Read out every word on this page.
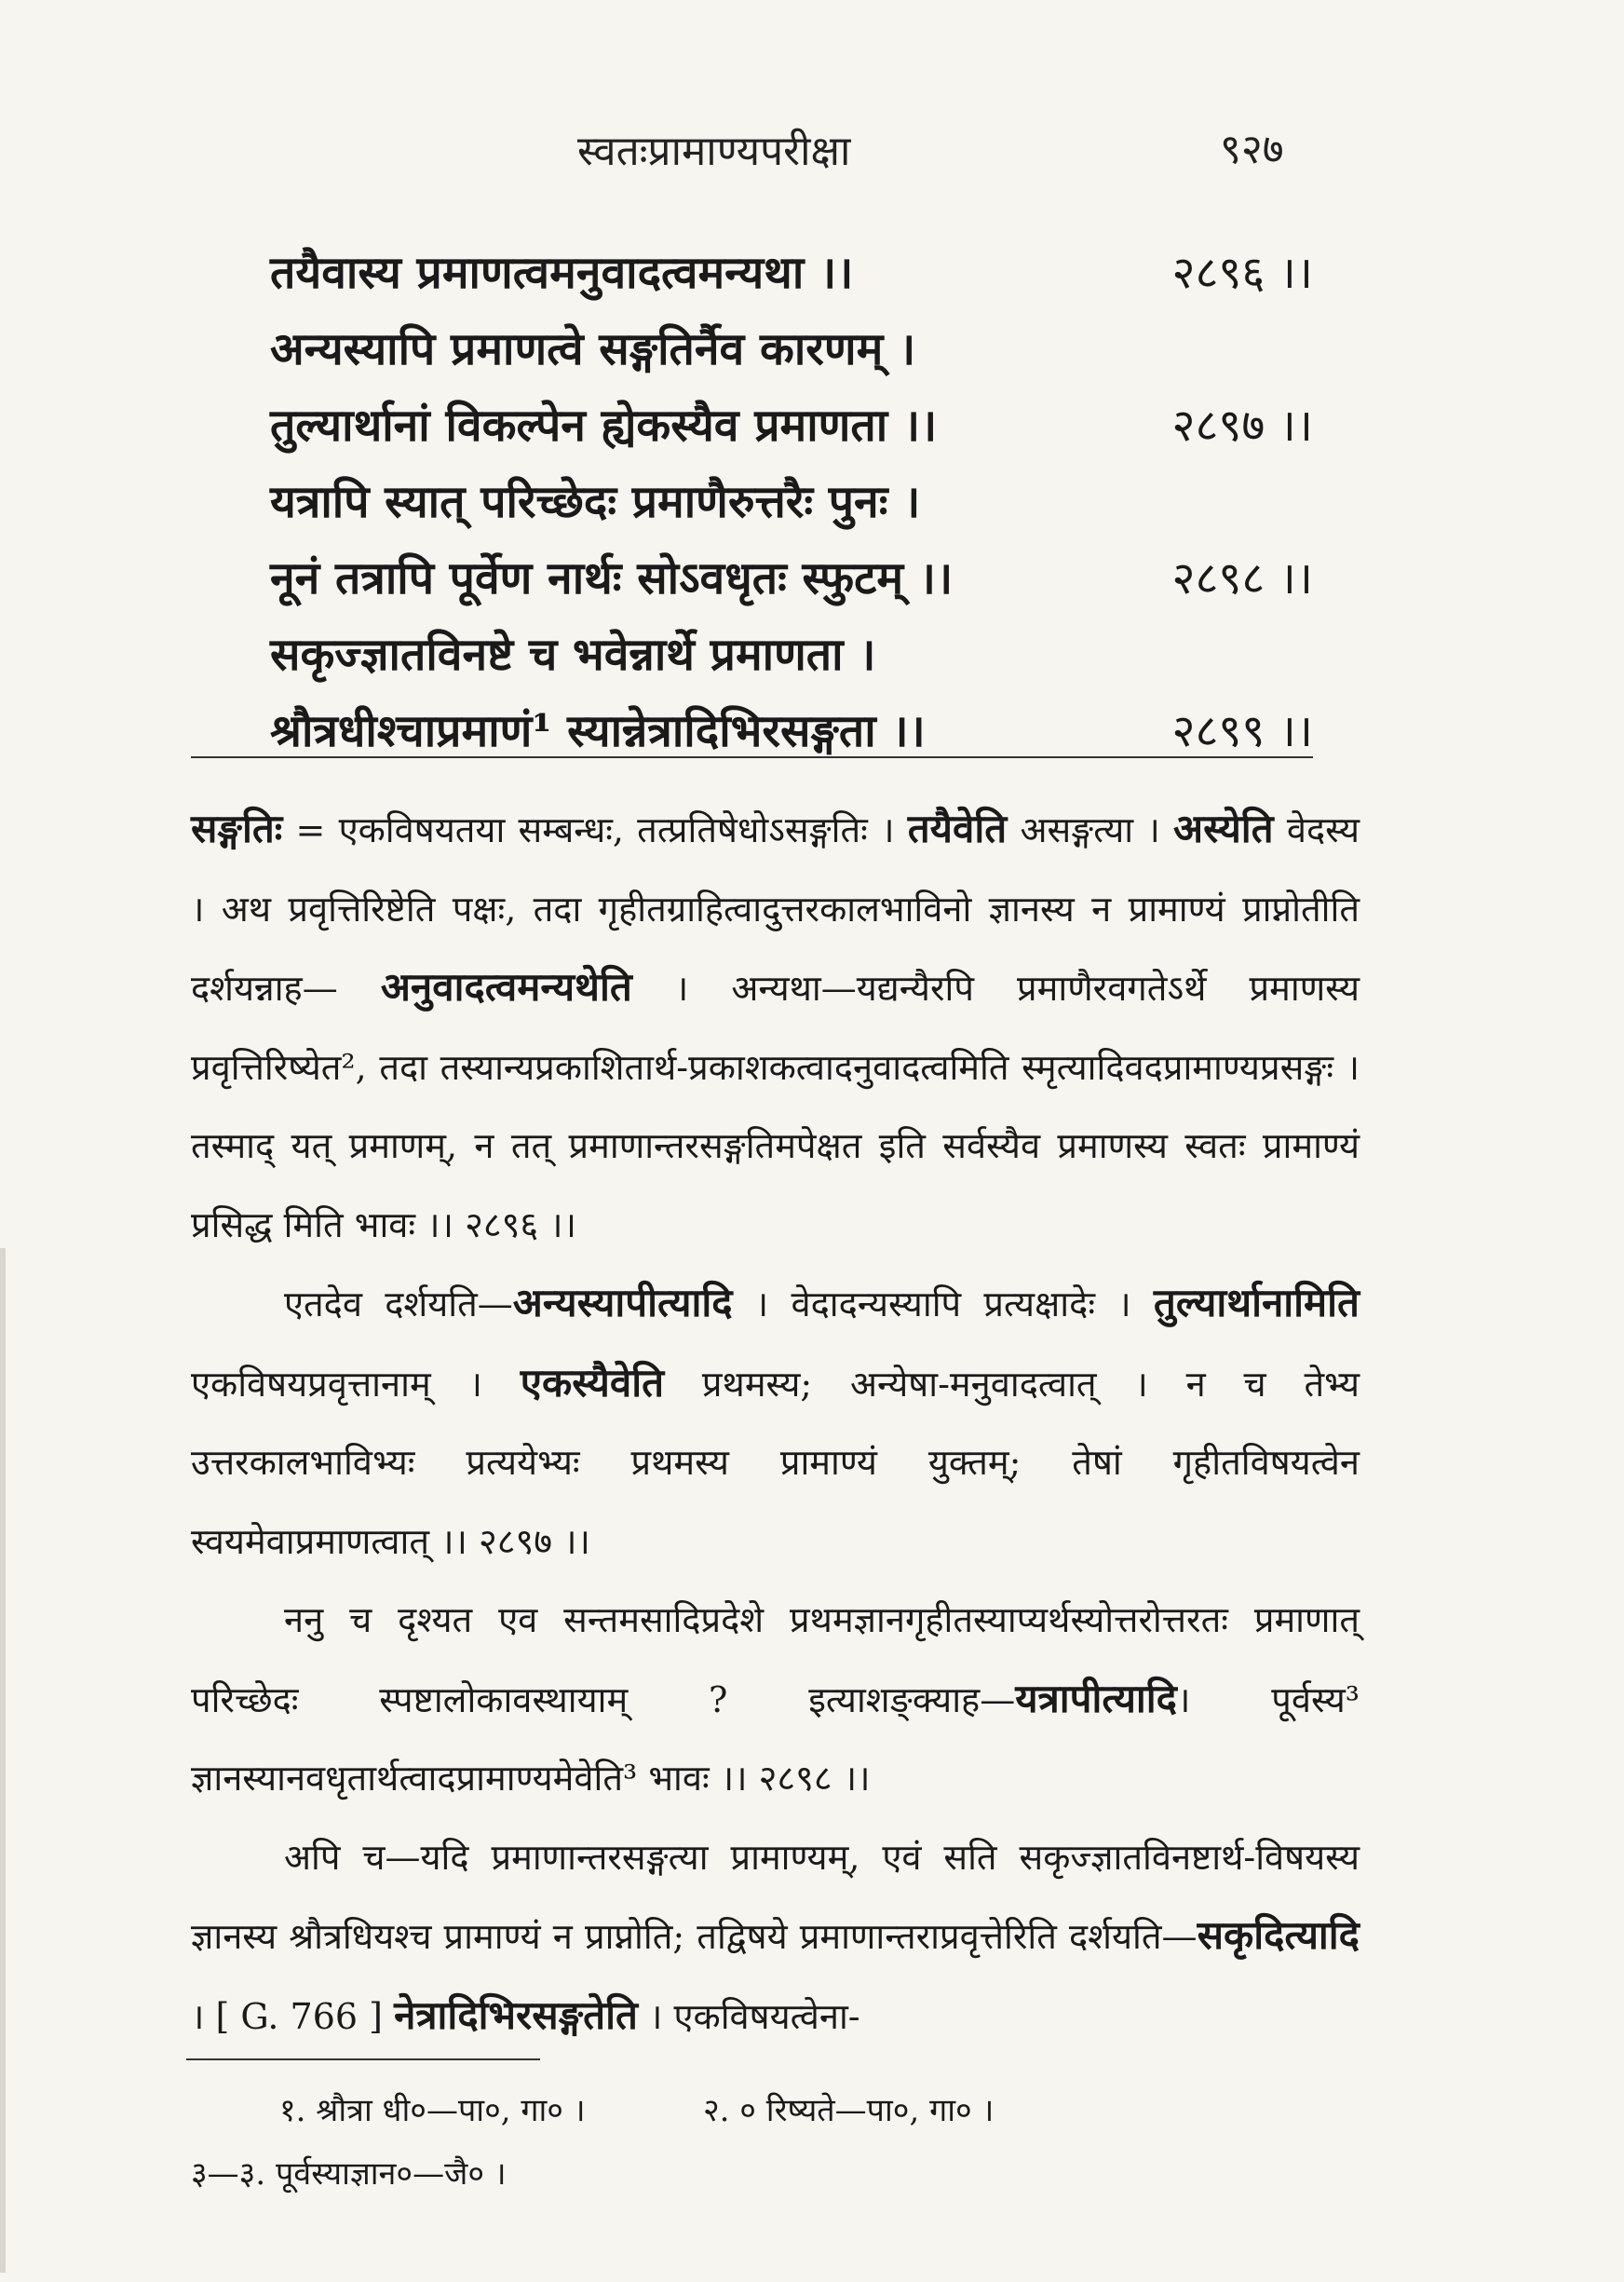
स्वतःप्रामाण्यपरीक्षा	९२७
तयैवास्य प्रमाणत्वमनुवादत्वमन्यथा ।।	२८९६ ।।
अन्यस्यापि प्रमाणत्वे सङ्गतिर्नैव कारणम् ।
तुल्यार्थानां विकल्पेन ह्येकस्यैव प्रमाणता ।।	२८९७ ।।
यत्रापि स्यात् परिच्छेदः प्रमाणैरुत्तरैः पुनः ।
नूनं तत्रापि पूर्वेण नार्थः सोऽवधृतः स्फुटम् ।।	२८९८ ।।
सकृज्ज्ञातविनष्टे च भवेन्नार्थे प्रमाणता ।
श्रौत्रधीश्चाप्रमाणं¹ स्यान्नेत्रादिभिरसङ्गता ।।	२८९९ ।।

सङ्गतिः = एकविषयतया सम्बन्धः, तत्प्रतिषेधोऽसङ्गतिः । तयैवेति असङ्गत्या । अस्येति वेदस्य । अथ प्रवृत्तिरिष्टेति पक्षः, तदा गृहीतग्राहित्वादुत्तरकालभाविनो ज्ञानस्य न प्रामाण्यं प्राप्नोतीति दर्शयन्नाह— अनुवादत्वमन्यथेति । अन्यथा—यद्यन्यैरपि प्रमाणैरवगतेऽर्थे प्रमाणस्य प्रवृत्तिरिष्येत², तदा तस्यान्यप्रकाशितार्थ-प्रकाशकत्वादनुवादत्वमिति स्मृत्यादिवदप्रामाण्यप्रसङ्गः । तस्माद् यत् प्रमाणम्, न तत् प्रमाणान्तरसङ्गतिमपेक्षत इति सर्वस्यैव प्रमाणस्य स्वतः प्रामाण्यं प्रसिद्ध मिति भावः ।। २८९६ ।।

एतदेव दर्शयति—अन्यस्यापीत्यादि । वेदादन्यस्यापि प्रत्यक्षादेः । तुल्यार्थानामिति एकविषयप्रवृत्तानाम् । एकस्यैवेति प्रथमस्य; अन्येषा-मनुवादत्वात् । न च तेभ्य उत्तरकालभाविभ्यः प्रत्ययेभ्यः प्रथमस्य प्रामाण्यं युक्तम्; तेषां गृहीतविषयत्वेन स्वयमेवाप्रमाणत्वात् ।। २८९७ ।।

ननु च दृश्यत एव सन्तमसादिप्रदेशे प्रथमज्ञानगृहीतस्याप्यर्थस्योत्तरोत्तरतः प्रमाणात् परिच्छेदः स्पष्टालोकावस्थायाम् ? इत्याशङ्क्याह—यत्रापीत्यादि। पूर्वस्य³ ज्ञानस्यानवधृतार्थत्वादप्रामाण्यमेवेति³ भावः ।। २८९८ ।।

अपि च—यदि प्रमाणान्तरसङ्गत्या प्रामाण्यम्, एवं सति सकृज्ज्ञातविनष्टार्थ-विषयस्य ज्ञानस्य श्रौत्रधियश्च प्रामाण्यं न प्राप्नोति; तद्विषये प्रमाणान्तराप्रवृत्तेरिति दर्शयति—सकृदित्यादि । [ G. 766 ] नेत्रादिभिरसङ्गतेति । एकविषयत्वेना-

१. श्रौत्रा धी०—पा०, गा० ।	२. ० रिष्यते—पा०, गा० ।
३—३. पूर्वस्याज्ञान०—जै० ।
